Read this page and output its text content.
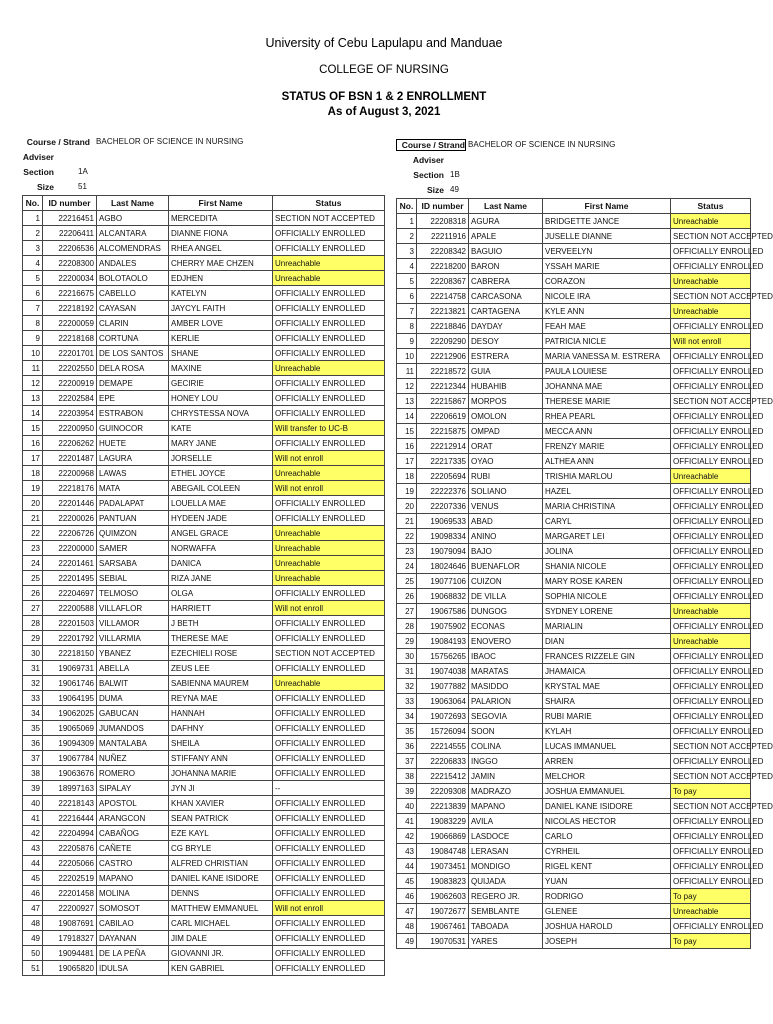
University of Cebu Lapulapu and Manduae
COLLEGE OF NURSING
STATUS OF BSN 1 & 2 ENROLLMENT
As of August 3, 2021
Course / Strand BACHELOR OF SCIENCE IN NURSING
Adviser
Section	1A
Size	51
No.	ID number	Last Name	First Name	Status
1	22216451	AGBO	MERCEDITA	SECTION NOT ACCEPTED
2	22206411	ALCANTARA	DIANNE FIONA	OFFICIALLY ENROLLED
3	22206536	ALCOMENDRAS	RHEA ANGEL	OFFICIALLY ENROLLED
4	22208300	ANDALES	CHERRY MAE CHZEN	Unreachable
5	22200034	BOLOTAOLO	EDJHEN	Unreachable
6	22216675	CABELLO	KATELYN	OFFICIALLY ENROLLED
7	22218192	CAYASAN	JAYCYL FAITH	OFFICIALLY ENROLLED
8	22200059	CLARIN	AMBER LOVE	OFFICIALLY ENROLLED
9	22218168	CORTUNA	KERLIE	OFFICIALLY ENROLLED
10	22201701	DE LOS SANTOS	SHANE	OFFICIALLY ENROLLED
11	22202550	DELA ROSA	MAXINE	Unreachable
12	22200919	DEMAPE	GECIRIE	OFFICIALLY ENROLLED
13	22202584	EPE	HONEY LOU	OFFICIALLY ENROLLED
14	22203954	ESTRABON	CHRYSTESSA NOVA	OFFICIALLY ENROLLED
15	22200950	GUINOCOR	KATE	Will transfer to UC-B
16	22206262	HUETE	MARY JANE	OFFICIALLY ENROLLED
17	22201487	LAGURA	JORSELLE	Will not enroll
18	22200968	LAWAS	ETHEL JOYCE	Unreachable
19	22218176	MATA	ABEGAIL COLEEN	Will not enroll
20	22201446	PADALAPAT	LOUELLA MAE	OFFICIALLY ENROLLED
21	22200026	PANTUAN	HYDEEN JADE	OFFICIALLY ENROLLED
22	22206726	QUIMZON	ANGEL GRACE	Unreachable
23	22200000	SAMER	NORWAFFA	Unreachable
24	22201461	SARSABA	DANICA	Unreachable
25	22201495	SEBIAL	RIZA JANE	Unreachable
26	22204697	TELMOSO	OLGA	OFFICIALLY ENROLLED
27	22200588	VILLAFLOR	HARRIETT	Will not enroll
28	22201503	VILLAMOR	J BETH	OFFICIALLY ENROLLED
29	22201792	VILLARMIA	THERESE MAE	OFFICIALLY ENROLLED
30	22218150	YBANEZ	EZECHIELI ROSE	SECTION NOT ACCEPTED
31	19069731	ABELLA	ZEUS LEE	OFFICIALLY ENROLLED
32	19061746	BALWIT	SABIENNA MAUREM	Unreachable
33	19064195	DUMA	REYNA MAE	OFFICIALLY ENROLLED
34	19062025	GABUCAN	HANNAH	OFFICIALLY ENROLLED
35	19065069	JUMANDOS	DAFHNY	OFFICIALLY ENROLLED
36	19094309	MANTALABA	SHEILA	OFFICIALLY ENROLLED
37	19067784	NUÑEZ	STIFFANY ANN	OFFICIALLY ENROLLED
38	19063676	ROMERO	JOHANNA MARIE	OFFICIALLY ENROLLED
39	18997163	SIPALAY	JYN JI	--
40	22218143	APOSTOL	KHAN XAVIER	OFFICIALLY ENROLLED
41	22216444	ARANGCON	SEAN PATRICK	OFFICIALLY ENROLLED
42	22204994	CABAÑOG	EZE KAYL	OFFICIALLY ENROLLED
43	22205876	CAÑETE	CG BRYLE	OFFICIALLY ENROLLED
44	22205066	CASTRO	ALFRED CHRISTIAN	OFFICIALLY ENROLLED
45	22202519	MAPANO	DANIEL KANE ISIDORE	OFFICIALLY ENROLLED
46	22201458	MOLINA	DENNS	OFFICIALLY ENROLLED
47	22200927	SOMOSOT	MATTHEW EMMANUEL	Will not enroll
48	19087691	CABILAO	CARL MICHAEL	OFFICIALLY ENROLLED
49	17918327	DAYANAN	JIM DALE	OFFICIALLY ENROLLED
50	19094481	DE LA PEÑA	GIOVANNI JR.	OFFICIALLY ENROLLED
51	19065820	IDULSA	KEN GABRIEL	OFFICIALLY ENROLLED
Course / Strand BACHELOR OF SCIENCE IN NURSING
Adviser
Section 1B
Size 49
No.	ID number	Last Name	First Name	Status
1	22208318	AGURA	BRIDGETTE JANCE	Unreachable
2	22211916	APALE	JUSELLE DIANNE	SECTION NOT ACCEPTED
3	22208342	BAGUIO	VERVEELYN	OFFICIALLY ENROLLED
4	22218200	BARON	YSSAH MARIE	OFFICIALLY ENROLLED
5	22208367	CABRERA	CORAZON	Unreachable
6	22214758	CARCASONA	NICOLE IRA	SECTION NOT ACCEPTED
7	22213821	CARTAGENA	KYLE ANN	Unreachable
8	22218846	DAYDAY	FEAH MAE	OFFICIALLY ENROLLED
9	22209290	DESOY	PATRICIA NICLE	Will not enroll
10	22212906	ESTRERA	MARIA VANESSA M. ESTRERA	OFFICIALLY ENROLLED
11	22218572	GUIA	PAULA LOUIESE	OFFICIALLY ENROLLED
12	22212344	HUBAHIB	JOHANNA MAE	OFFICIALLY ENROLLED
13	22215867	MORPOS	THERESE MARIE	SECTION NOT ACCEPTED
14	22206619	OMOLON	RHEA PEARL	OFFICIALLY ENROLLED
15	22215875	OMPAD	MECCA ANN	OFFICIALLY ENROLLED
16	22212914	ORAT	FRENZY MARIE	OFFICIALLY ENROLLED
17	22217335	OYAO	ALTHEA ANN	OFFICIALLY ENROLLED
18	22205694	RUBI	TRISHIA MARLOU	Unreachable
19	22222376	SOLIANO	HAZEL	OFFICIALLY ENROLLED
20	22207336	VENUS	MARIA CHRISTINA	OFFICIALLY ENROLLED
21	19069533	ABAD	CARYL	OFFICIALLY ENROLLED
22	19098334	ANINO	MARGARET LEI	OFFICIALLY ENROLLED
23	19079094	BAJO	JOLINA	OFFICIALLY ENROLLED
24	18024646	BUENAFLOR	SHANIA NICOLE	OFFICIALLY ENROLLED
25	19077106	CUIZON	MARY ROSE KAREN	OFFICIALLY ENROLLED
26	19068832	DE VILLA	SOPHIA NICOLE	OFFICIALLY ENROLLED
27	19067586	DUNGOG	SYDNEY LORENE	Unreachable
28	19075902	ECONAS	MARIALIN	OFFICIALLY ENROLLED
29	19084193	ENOVERO	DIAN	Unreachable
30	15756265	IBAOC	FRANCES RIZZELE GIN	OFFICIALLY ENROLLED
31	19074038	MARATAS	JHAMAICA	OFFICIALLY ENROLLED
32	19077882	MASIDDO	KRYSTAL MAE	OFFICIALLY ENROLLED
33	19063064	PALARION	SHAIRA	OFFICIALLY ENROLLED
34	19072693	SEGOVIA	RUBI MARIE	OFFICIALLY ENROLLED
35	15726094	SOON	KYLAH	OFFICIALLY ENROLLED
36	22214555	COLINA	LUCAS IMMANUEL	SECTION NOT ACCEPTED
37	22206833	INGGO	ARREN	OFFICIALLY ENROLLED
38	22215412	JAMIN	MELCHOR	SECTION NOT ACCEPTED
39	22209308	MADRAZO	JOSHUA EMMANUEL	To pay
40	22213839	MAPANO	DANIEL KANE ISIDORE	SECTION NOT ACCEPTED
41	19083229	AVILA	NICOLAS HECTOR	OFFICIALLY ENROLLED
42	19066869	LASDOCE	CARLO	OFFICIALLY ENROLLED
43	19084748	LERASAN	CYRHEIL	OFFICIALLY ENROLLED
44	19073451	MONDIGO	RIGEL KENT	OFFICIALLY ENROLLED
45	19083823	QUIJADA	YUAN	OFFICIALLY ENROLLED
46	19062603	REGERO JR.	RODRIGO	To pay
47	19072677	SEMBLANTE	GLENEE	Unreachable
48	19067461	TABOADA	JOSHUA HAROLD	OFFICIALLY ENROLLED
49	19070531	YARES	JOSEPH	To pay
